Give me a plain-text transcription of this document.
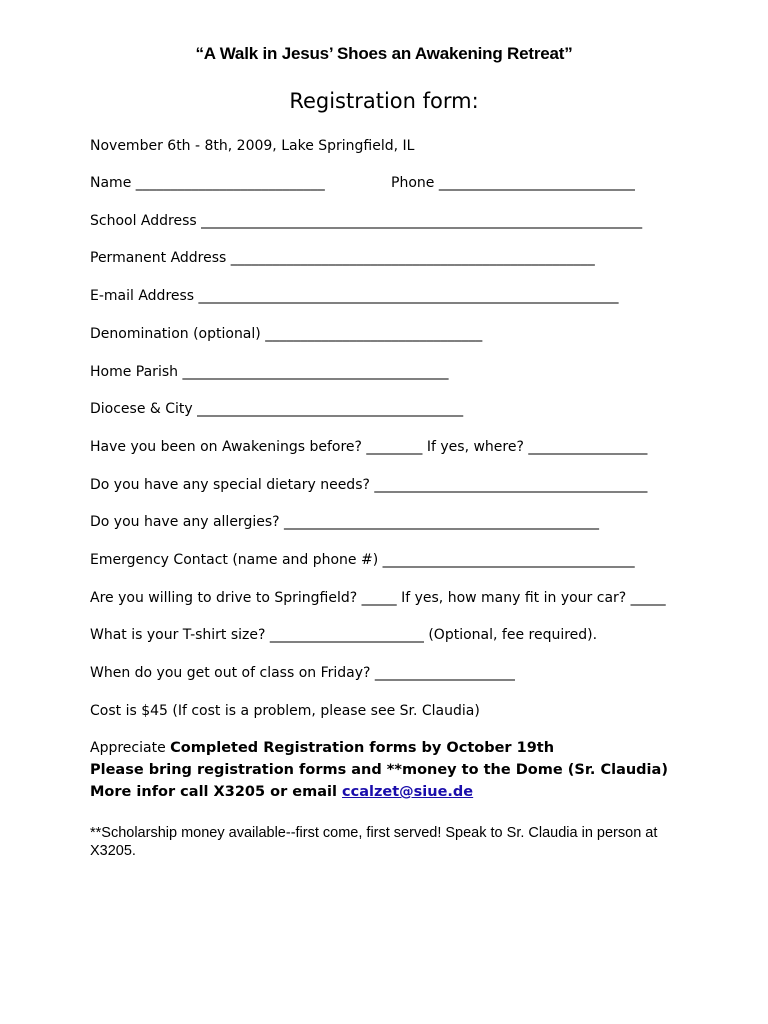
“A Walk in Jesus’ Shoes an Awakening Retreat”
Registration form:
November 6th - 8th, 2009, Lake Springfield, IL
Name ___________________________	Phone ____________________________
School Address _______________________________________________________________
Permanent Address ____________________________________________________
E-mail Address ____________________________________________________________
Denomination (optional) _______________________________
Home Parish ______________________________________
Diocese & City ______________________________________
Have you been on Awakenings before? ________ If yes, where? _________________
Do you have any special dietary needs? _______________________________________
Do you have any allergies? _____________________________________________
Emergency Contact (name and phone #) ____________________________________
Are you willing to drive to Springfield? _____ If yes, how many fit in your car? _____
What is your T-shirt size? ______________________ (Optional, fee required).
When do you get out of class on Friday? ____________________
Cost is $45 (If cost is a problem, please see Sr. Claudia)
Appreciate Completed Registration forms by October 19th
Please bring registration forms and **money to the Dome (Sr. Claudia)
More infor call X3205 or email ccalzet@siue.de
**Scholarship money available--first come, first served! Speak to Sr. Claudia in person at X3205.
